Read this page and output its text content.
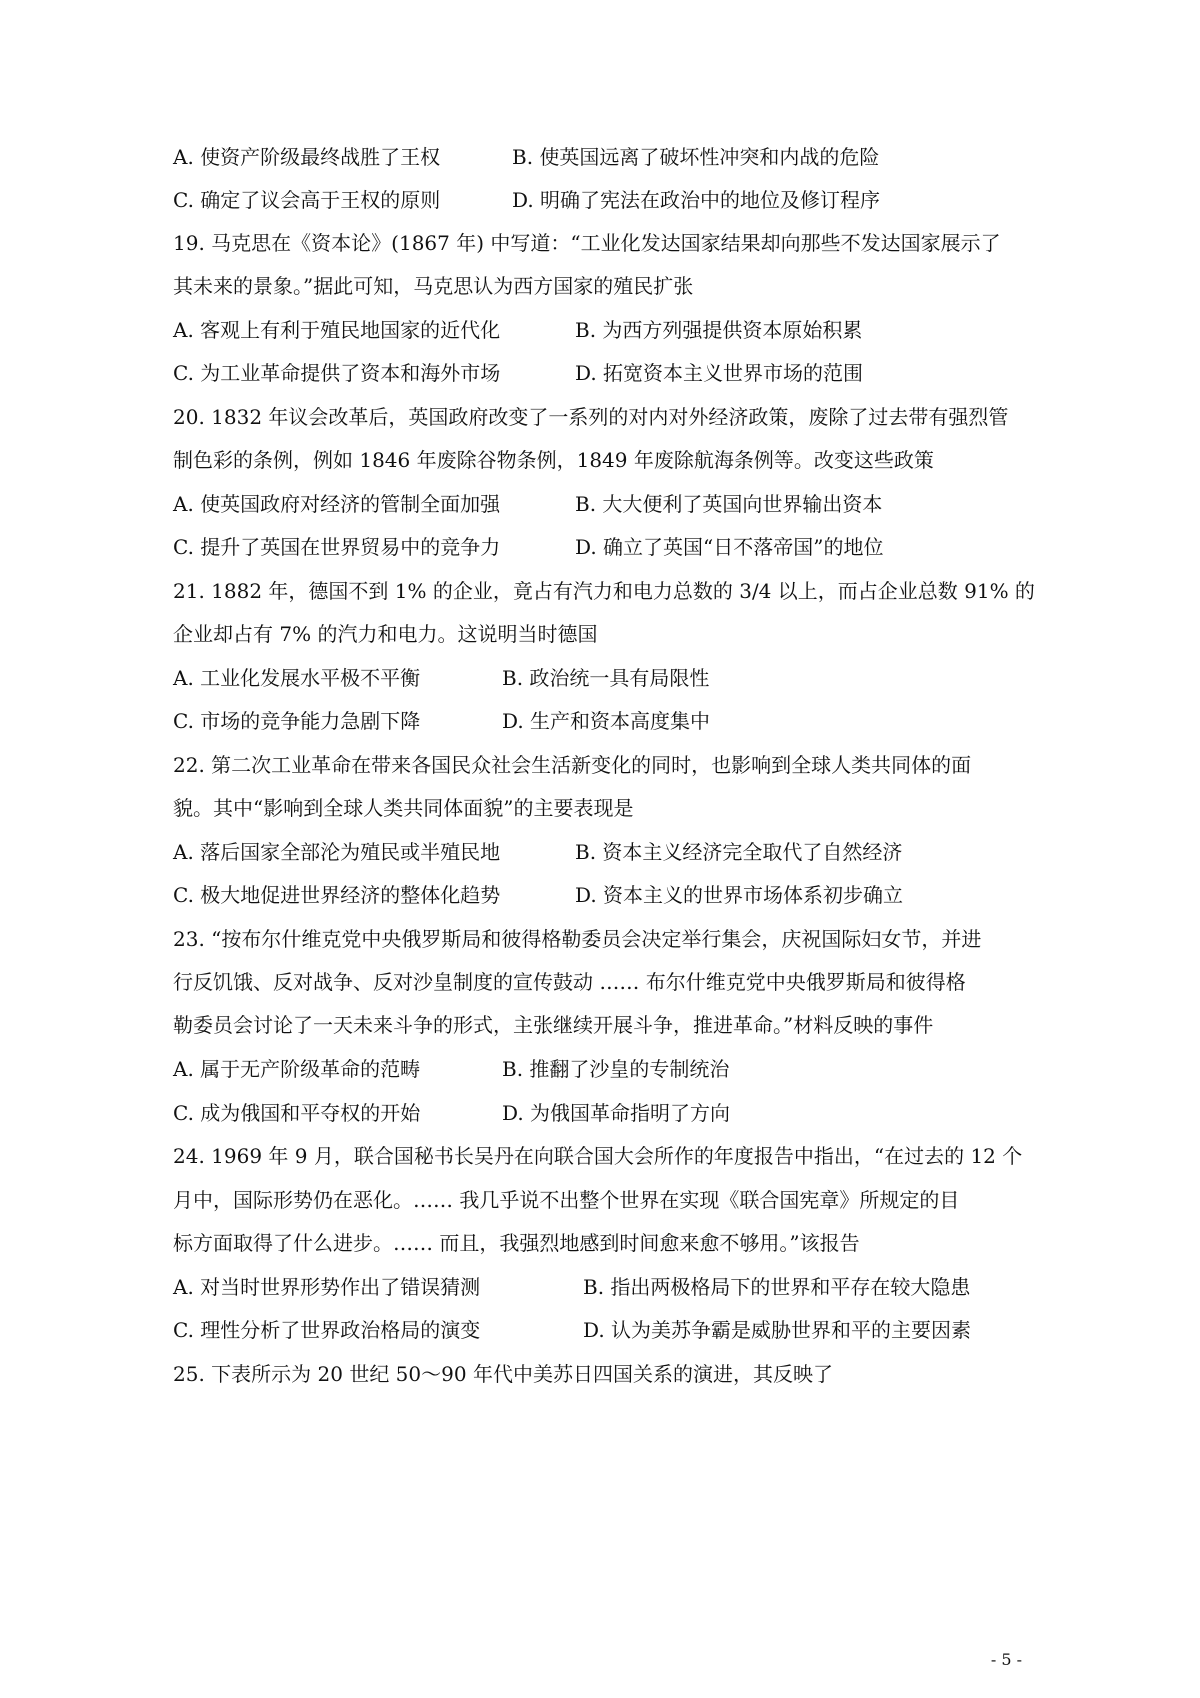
A. 使资产阶级最终战胜了王权	B. 使英国远离了破坏性冲突和内战的危险
C. 确定了议会高于王权的原则	D. 明确了宪法在政治中的地位及修订程序
19. 马克思在《资本论》(1867 年) 中写道：“工业化发达国家结果却向那些不发达国家展示了
其未来的景象。”据此可知，马克思认为西方国家的殖民扩张
A. 客观上有利于殖民地国家的近代化	B. 为西方列强提供资本原始积累
C. 为工业革命提供了资本和海外市场	D. 拓宽资本主义世界市场的范围
20. 1832 年议会改革后，英国政府改变了一系列的对内对外经济政策，废除了过去带有强烈管
制色彩的条例，例如 1846 年废除谷物条例，1849 年废除航海条例等。改变这些政策
A. 使英国政府对经济的管制全面加强	B. 大大便利了英国向世界输出资本
C. 提升了英国在世界贸易中的竞争力	D. 确立了英国“日不落帝国”的地位
21. 1882 年，德国不到 1% 的企业，竟占有汽力和电力总数的 3/4 以上，而占企业总数 91% 的
企业却占有 7% 的汽力和电力。这说明当时德国
A. 工业化发展水平极不平衡	B. 政治统一具有局限性
C. 市场的竞争能力急剧下降	D. 生产和资本高度集中
22. 第二次工业革命在带来各国民众社会生活新变化的同时，也影响到全球人类共同体的面
貌。其中“影响到全球人类共同体面貌”的主要表现是
A. 落后国家全部沦为殖民或半殖民地	B. 资本主义经济完全取代了自然经济
C. 极大地促进世界经济的整体化趋势	D. 资本主义的世界市场体系初步确立
23. “按布尔什维克党中央俄罗斯局和彼得格勒委员会决定举行集会，庆祝国际妇女节，并进
行反饥饿、反对战争、反对沙皇制度的宣传鼓动 …… 布尔什维克党中央俄罗斯局和彼得格
勒委员会讨论了一天未来斗争的形式，主张继续开展斗争，推进革命。”材料反映的事件
A. 属于无产阶级革命的范畴	B. 推翻了沙皇的专制统治
C. 成为俄国和平夺权的开始	D. 为俄国革命指明了方向
24. 1969 年 9 月，联合国秘书长吴丹在向联合国大会所作的年度报告中指出，“在过去的 12 个
月中，国际形势仍在恶化。…… 我几乎说不出整个世界在实现《联合国宪章》所规定的目
标方面取得了什么进步。…… 而且，我强烈地感到时间愈来愈不够用。”该报告
A. 对当时世界形势作出了错误猜测	B. 指出两极格局下的世界和平存在较大隐患
C. 理性分析了世界政治格局的演变	D. 认为美苏争霸是威胁世界和平的主要因素
25. 下表所示为 20 世纪 50～90 年代中美苏日四国关系的演进，其反映了
- 5 -
